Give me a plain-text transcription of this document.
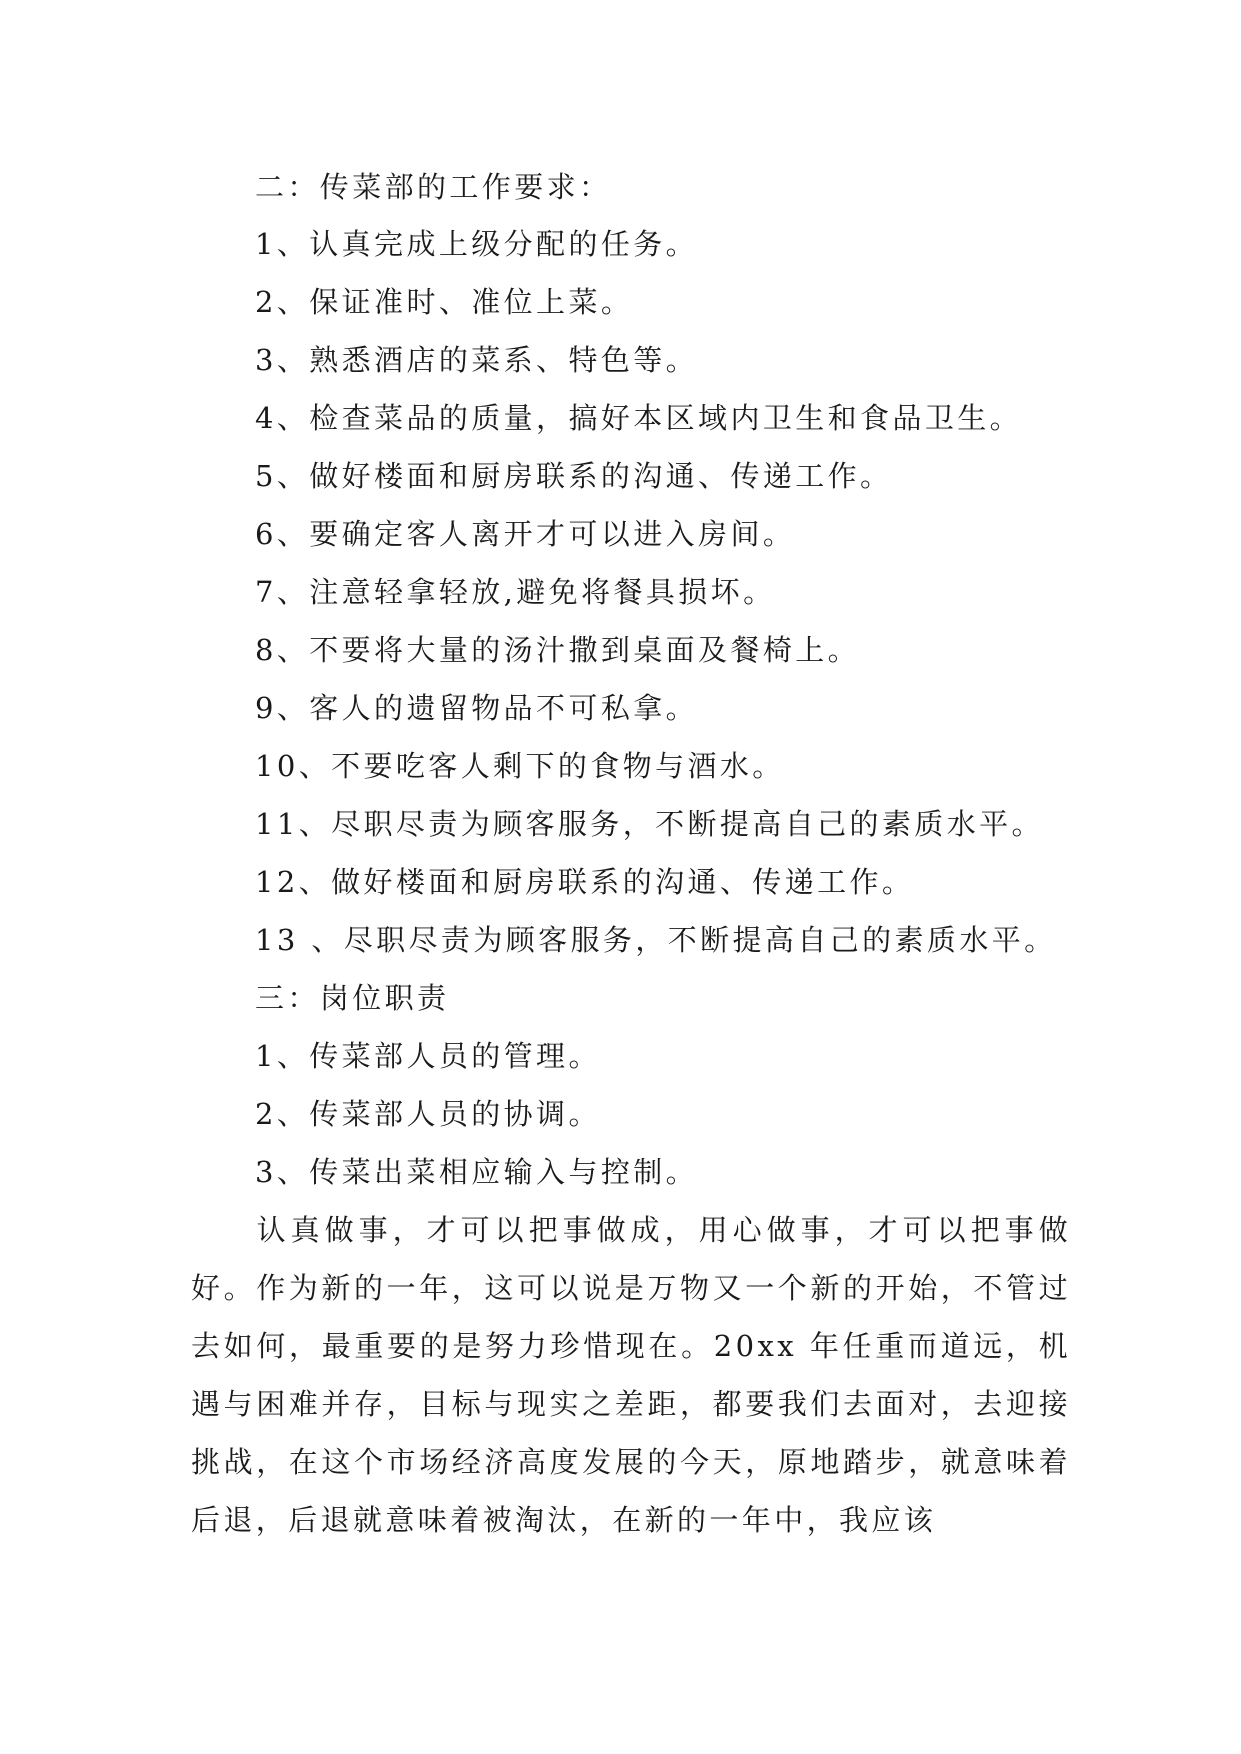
二：传菜部的工作要求：
1、认真完成上级分配的任务。
2、保证准时、准位上菜。
3、熟悉酒店的菜系、特色等。
4、检查菜品的质量，搞好本区域内卫生和食品卫生。
5、做好楼面和厨房联系的沟通、传递工作。
6、要确定客人离开才可以进入房间。
7、注意轻拿轻放,避免将餐具损坏。
8、不要将大量的汤汁撒到桌面及餐椅上。
9、客人的遗留物品不可私拿。
10、不要吃客人剩下的食物与酒水。
11、尽职尽责为顾客服务，不断提高自己的素质水平。
12、做好楼面和厨房联系的沟通、传递工作。
13 、尽职尽责为顾客服务，不断提高自己的素质水平。
三：岗位职责
1、传菜部人员的管理。
2、传菜部人员的协调。
3、传菜出菜相应输入与控制。
认真做事，才可以把事做成，用心做事，才可以把事做好。作为新的一年，这可以说是万物又一个新的开始，不管过去如何，最重要的是努力珍惜现在。20xx 年任重而道远，机遇与困难并存，目标与现实之差距，都要我们去面对，去迎接挑战，在这个市场经济高度发展的今天，原地踏步，就意味着后退，后退就意味着被淘汰，在新的一年中，我应该
